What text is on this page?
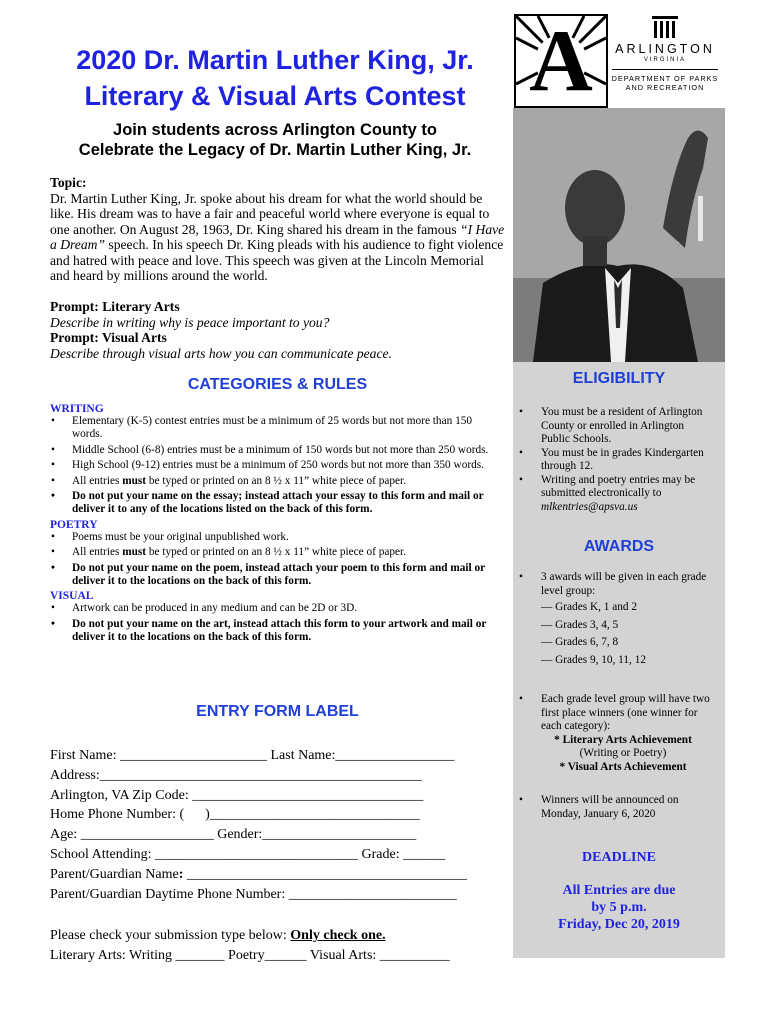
2020 Dr. Martin Luther King, Jr.
Literary & Visual Arts Contest
Join students across Arlington County to
Celebrate the Legacy of Dr. Martin Luther King, Jr.
A	ARLINGTON
VIRGINIA
DEPARTMENT OF PARKS
AND RECREATION
Topic:
Dr. Martin Luther King, Jr. spoke about his dream for what the world should be like. His dream was to have a fair and peaceful world where everyone is equal to one another. On August 28, 1963, Dr. King shared his dream in the famous “I Have a Dream” speech. In his speech Dr. King pleads with his audience to fight violence and hatred with peace and love. This speech was given at the Lincoln Memorial and heard by millions around the world.
Prompt: Literary Arts
Describe in writing why is peace important to you?
Prompt: Visual Arts
Describe through visual arts how you can communicate peace.
CATEGORIES & RULES
WRITING
• Elementary (K-5) contest entries must be a minimum of 25 words but not more than 150 words.
• Middle School (6-8) entries must be a minimum of 150 words but not more than 250 words.
• High School (9-12) entries must be a minimum of 250 words but not more than 350 words.
• All entries must be typed or printed on an 8 ½ x 11” white piece of paper.
• Do not put your name on the essay; instead attach your essay to this form and mail or deliver it to any of the locations listed on the back of this form.
POETRY
• Poems must be your original unpublished work.
• All entries must be typed or printed on an 8 ½ x 11” white piece of paper.
• Do not put your name on the poem, instead attach your poem to this form and mail or deliver it to the locations on the back of this form.
VISUAL
• Artwork can be produced in any medium and can be 2D or 3D.
• Do not put your name on the art, instead attach this form to your artwork and mail or deliver it to the locations on the back of this form.
ENTRY FORM LABEL
First Name: _____________________ Last Name:_________________
Address:______________________________________________
Arlington, VA Zip Code: _________________________________
Home Phone Number: (      )______________________________
Age: ___________________ Gender:______________________
School Attending: _____________________________ Grade: ______
Parent/Guardian Name: ________________________________________
Parent/Guardian Daytime Phone Number: ________________________
Please check your submission type below: Only check one.
Literary Arts: Writing _______ Poetry______ Visual Arts: __________
ELIGIBILITY
• You must be a resident of Arlington County or enrolled in Arlington Public Schools.
• You must be in grades Kindergarten through 12.
• Writing and poetry entries may be submitted electronically to
mlkentries@apsva.us
AWARDS
• 3 awards will be given in each grade level group:
— Grades K, 1 and 2
— Grades 3, 4, 5
— Grades 6, 7, 8
— Grades 9, 10, 11, 12
• Each grade level group will have two first place winners (one winner for each category):
* Literary Arts Achievement
(Writing or Poetry)
* Visual Arts Achievement
• Winners will be announced on Monday, January 6, 2020
DEADLINE
All Entries are due
by 5 p.m.
Friday, Dec 20, 2019
